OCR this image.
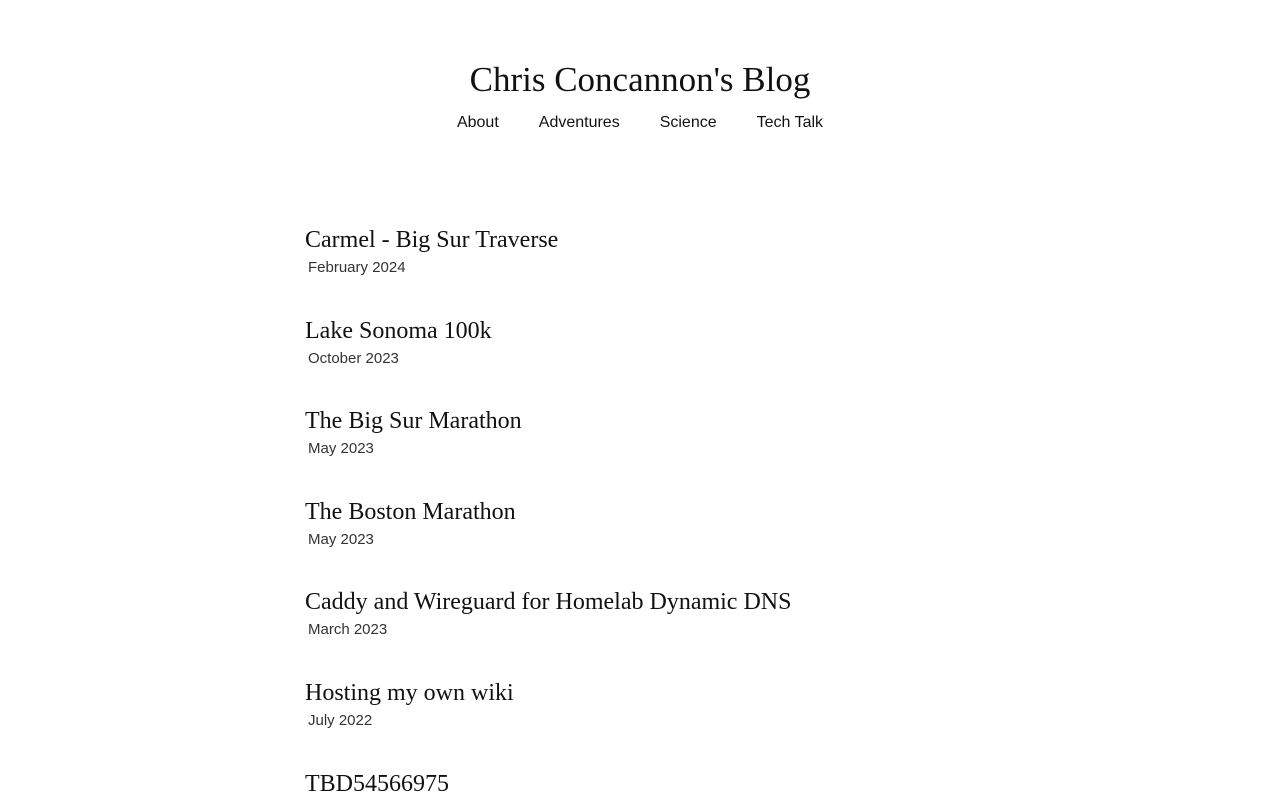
Chris Concannon's Blog
About	Adventures	Science	Tech Talk
Carmel - Big Sur Traverse
February 2024
Lake Sonoma 100k
October 2023
The Big Sur Marathon
May 2023
The Boston Marathon
May 2023
Caddy and Wireguard for Homelab Dynamic DNS
March 2023
Hosting my own wiki
July 2022
TBD54566975
